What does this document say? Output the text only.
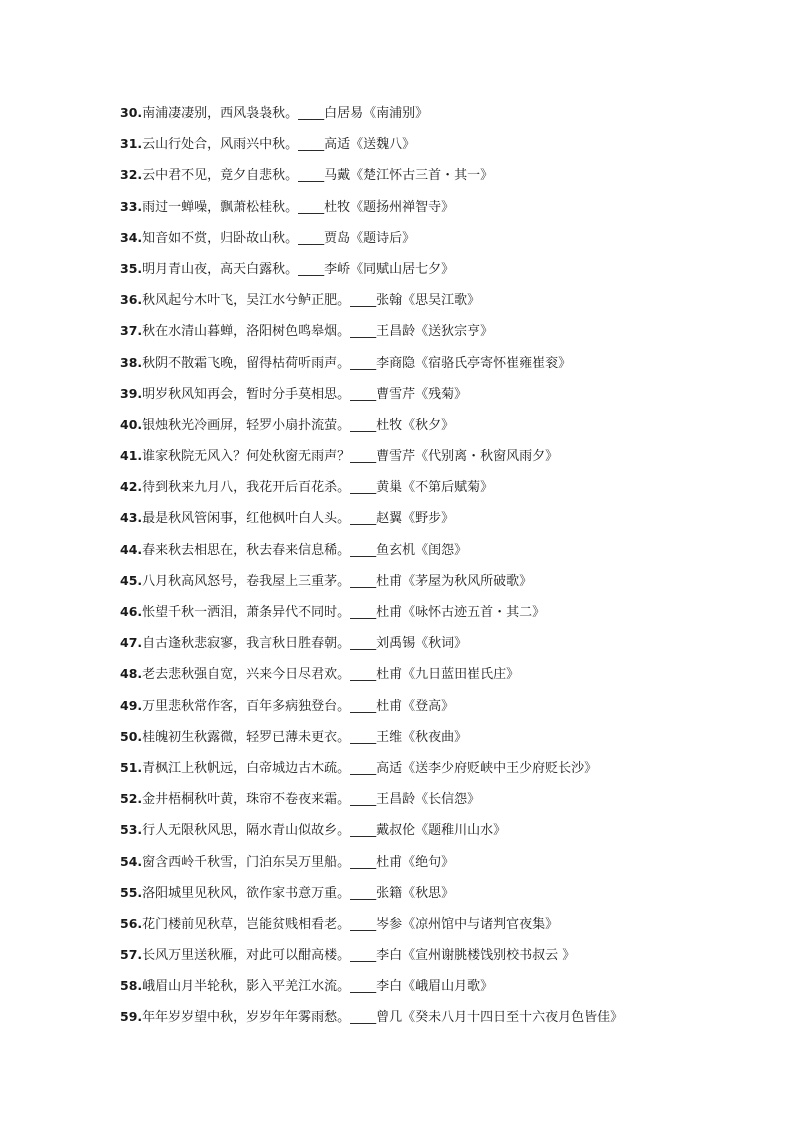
30.南浦凄凄别，西风袅袅秋。____白居易《南浦别》
31.云山行处合，风雨兴中秋。____高适《送魏八》
32.云中君不见，竟夕自悲秋。____马戴《楚江怀古三首・其一》
33.雨过一蝉噪，飘萧松桂秋。____杜牧《题扬州禅智寺》
34.知音如不赏，归卧故山秋。____贾岛《题诗后》
35.明月青山夜，高天白露秋。____李峤《同赋山居七夕》
36.秋风起兮木叶飞，吴江水兮鲈正肥。____张翰《思吴江歌》
37.秋在水清山暮蝉，洛阳树色鸣皋烟。____王昌龄《送狄宗亨》
38.秋阴不散霜飞晚，留得枯荷听雨声。____李商隐《宿骆氏亭寄怀崔雍崔衮》
39.明岁秋风知再会，暂时分手莫相思。____曹雪芹《残菊》
40.银烛秋光冷画屏，轻罗小扇扑流萤。____杜牧《秋夕》
41.谁家秋院无风入？何处秋窗无雨声？____曹雪芹《代别离・秋窗风雨夕》
42.待到秋来九月八，我花开后百花杀。____黄巢《不第后赋菊》
43.最是秋风管闲事，红他枫叶白人头。____赵翼《野步》
44.春来秋去相思在，秋去春来信息稀。____鱼玄机《闺怨》
45.八月秋高风怒号，卷我屋上三重茅。____杜甫《茅屋为秋风所破歌》
46.怅望千秋一洒泪，萧条异代不同时。____杜甫《咏怀古迹五首・其二》
47.自古逢秋悲寂寥，我言秋日胜春朝。____刘禹锡《秋词》
48.老去悲秋强自宽，兴来今日尽君欢。____杜甫《九日蓝田崔氏庄》
49.万里悲秋常作客，百年多病独登台。____杜甫《登高》
50.桂魄初生秋露微，轻罗已薄未更衣。____王维《秋夜曲》
51.青枫江上秋帆远，白帝城边古木疏。____高适《送李少府贬峡中王少府贬长沙》
52.金井梧桐秋叶黄，珠帘不卷夜来霜。____王昌龄《长信怨》
53.行人无限秋风思，隔水青山似故乡。____戴叔伦《题稚川山水》
54.窗含西岭千秋雪，门泊东吴万里船。____杜甫《绝句》
55.洛阳城里见秋风，欲作家书意万重。____张籍《秋思》
56.花门楼前见秋草，岂能贫贱相看老。____岑参《凉州馆中与诸判官夜集》
57.长风万里送秋雁，对此可以酣高楼。____李白《宣州谢朓楼饯别校书叔云 》
58.峨眉山月半轮秋，影入平羌江水流。____李白《峨眉山月歌》
59.年年岁岁望中秋，岁岁年年雾雨愁。____曾几《癸未八月十四日至十六夜月色皆佳》
